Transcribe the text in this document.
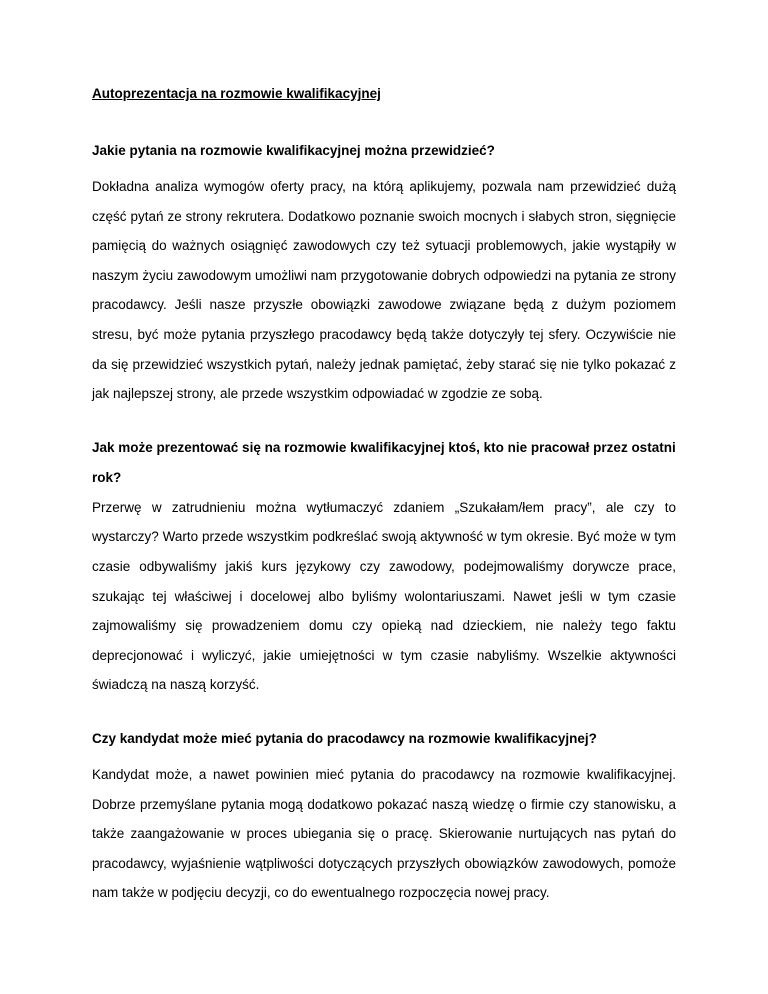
Autoprezentacja na rozmowie kwalifikacyjnej
Jakie pytania na rozmowie kwalifikacyjnej można przewidzieć?

Dokładna analiza wymogów oferty pracy, na którą aplikujemy, pozwala nam przewidzieć dużą część pytań ze strony rekrutera. Dodatkowo poznanie swoich mocnych i słabych stron, sięgnięcie pamięcią do ważnych osiągnięć zawodowych czy też sytuacji problemowych, jakie wystąpiły w naszym życiu zawodowym umożliwi nam przygotowanie dobrych odpowiedzi na pytania ze strony pracodawcy. Jeśli nasze przyszłe obowiązki zawodowe związane będą z dużym poziomem stresu, być może pytania przyszłego pracodawcy będą także dotyczyły tej sfery. Oczywiście nie da się przewidzieć wszystkich pytań, należy jednak pamiętać, żeby starać się nie tylko pokazać z jak najlepszej strony, ale przede wszystkim odpowiadać w zgodzie ze sobą.

Jak może prezentować się na rozmowie kwalifikacyjnej ktoś, kto nie pracował przez ostatni rok?

Przerwę w zatrudnieniu można wytłumaczyć zdaniem „Szukałam/łem pracy”, ale czy to wystarczy? Warto przede wszystkim podkreślać swoją aktywność w tym okresie. Być może w tym czasie odbywaliśmy jakiś kurs językowy czy zawodowy, podejmowaliśmy dorywcze prace, szukając tej właściwej i docelowej albo byliśmy wolontariuszami. Nawet jeśli w tym czasie zajmowaliśmy się prowadzeniem domu czy opieką nad dzieckiem, nie należy tego faktu deprecjonować i wyliczyć, jakie umiejętności w tym czasie nabyliśmy. Wszelkie aktywności świadczą na naszą korzyść.

Czy kandydat może mieć pytania do pracodawcy na rozmowie kwalifikacyjnej?

Kandydat może, a nawet powinien mieć pytania do pracodawcy na rozmowie kwalifikacyjnej. Dobrze przemyślane pytania mogą dodatkowo pokazać naszą wiedzę o firmie czy stanowisku, a także zaangażowanie w proces ubiegania się o pracę. Skierowanie nurtujących nas pytań do pracodawcy, wyjaśnienie wątpliwości dotyczących przyszłych obowiązków zawodowych, pomoże nam także w podjęciu decyzji, co do ewentualnego rozpoczęcia nowej pracy.
